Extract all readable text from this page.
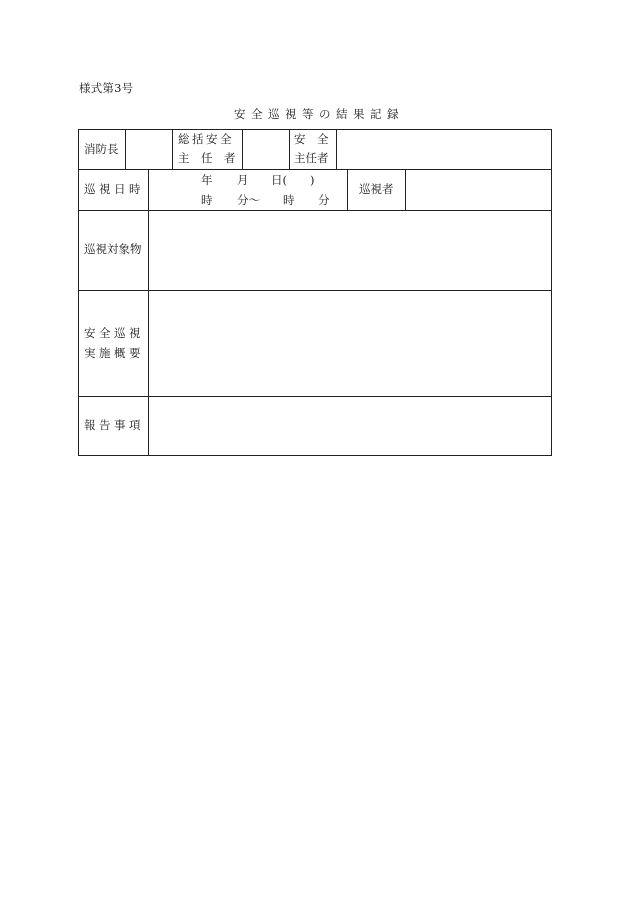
様式第3号
安全巡視等の結果記録
消防長
総括安全
主　任　者
安　全
主任者
巡視日時
年 月 日(　　)
時 分〜 時 分
巡視者
巡視対象物
安全巡視
実施概要
報告事項
